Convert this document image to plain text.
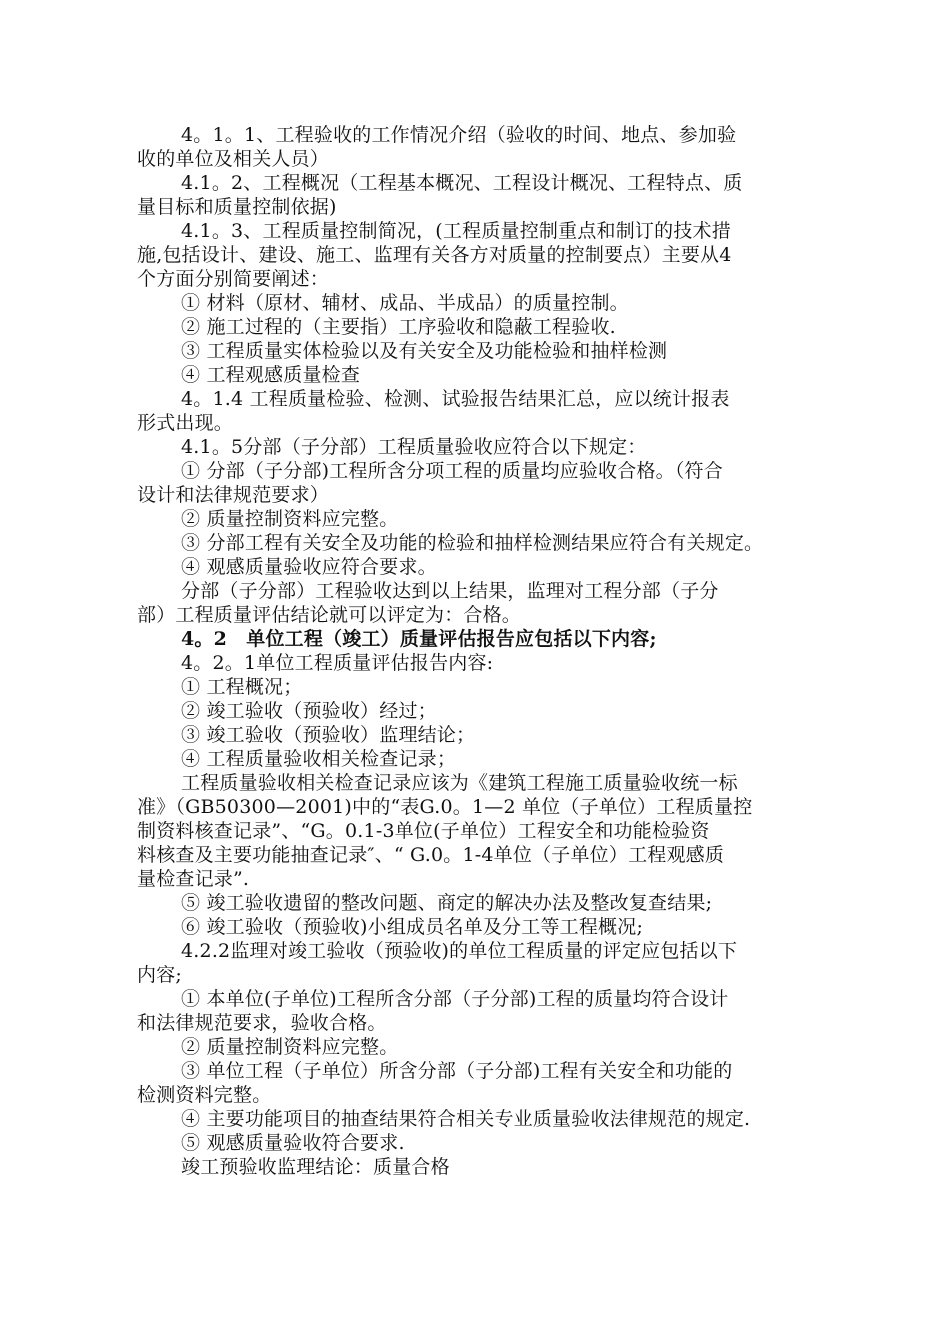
4。1。1、工程验收的工作情况介绍（验收的时间、地点、参加验
收的单位及相关人员）
4.1。2、工程概况（工程基本概况、工程设计概况、工程特点、质
量目标和质量控制依据)
4.1。3、工程质量控制简况，(工程质量控制重点和制订的技术措
施,包括设计、建设、施工、监理有关各方对质量的控制要点）主要从4
个方面分别简要阐述：
① 材料（原材、辅材、成品、半成品）的质量控制。
② 施工过程的（主要指）工序验收和隐蔽工程验收.
③ 工程质量实体检验以及有关安全及功能检验和抽样检测
④ 工程观感质量检查
4。1.4 工程质量检验、检测、试验报告结果汇总，应以统计报表
形式出现。
4.1。5分部（子分部）工程质量验收应符合以下规定：
① 分部（子分部)工程所含分项工程的质量均应验收合格。（符合
设计和法律规范要求）
② 质量控制资料应完整。
③ 分部工程有关安全及功能的检验和抽样检测结果应符合有关规定。
④ 观感质量验收应符合要求。
分部（子分部）工程验收达到以上结果，监理对工程分部（子分
部）工程质量评估结论就可以评定为：合格。
4。2　单位工程（竣工）质量评估报告应包括以下内容;
4。2。1单位工程质量评估报告内容:
① 工程概况；
② 竣工验收（预验收）经过；
③ 竣工验收（预验收）监理结论；
④ 工程质量验收相关检查记录；
工程质量验收相关检查记录应该为《建筑工程施工质量验收统一标
准》（GB50300—2001)中的“表G.0。1—2 单位（子单位）工程质量控
制资料核查记录”、“G。0.1-3单位(子单位）工程安全和功能检验资
料核查及主要功能抽查记录″、“ G.0。1-4单位（子单位）工程观感质
量检查记录”.
⑤ 竣工验收遗留的整改问题、商定的解决办法及整改复查结果;
⑥ 竣工验收（预验收)小组成员名单及分工等工程概况;
4.2.2监理对竣工验收（预验收)的单位工程质量的评定应包括以下
内容;
① 本单位(子单位)工程所含分部（子分部)工程的质量均符合设计
和法律规范要求，验收合格。
② 质量控制资料应完整。
③ 单位工程（子单位）所含分部（子分部)工程有关安全和功能的
检测资料完整。
④ 主要功能项目的抽查结果符合相关专业质量验收法律规范的规定.
⑤ 观感质量验收符合要求.
竣工预验收监理结论：质量合格
